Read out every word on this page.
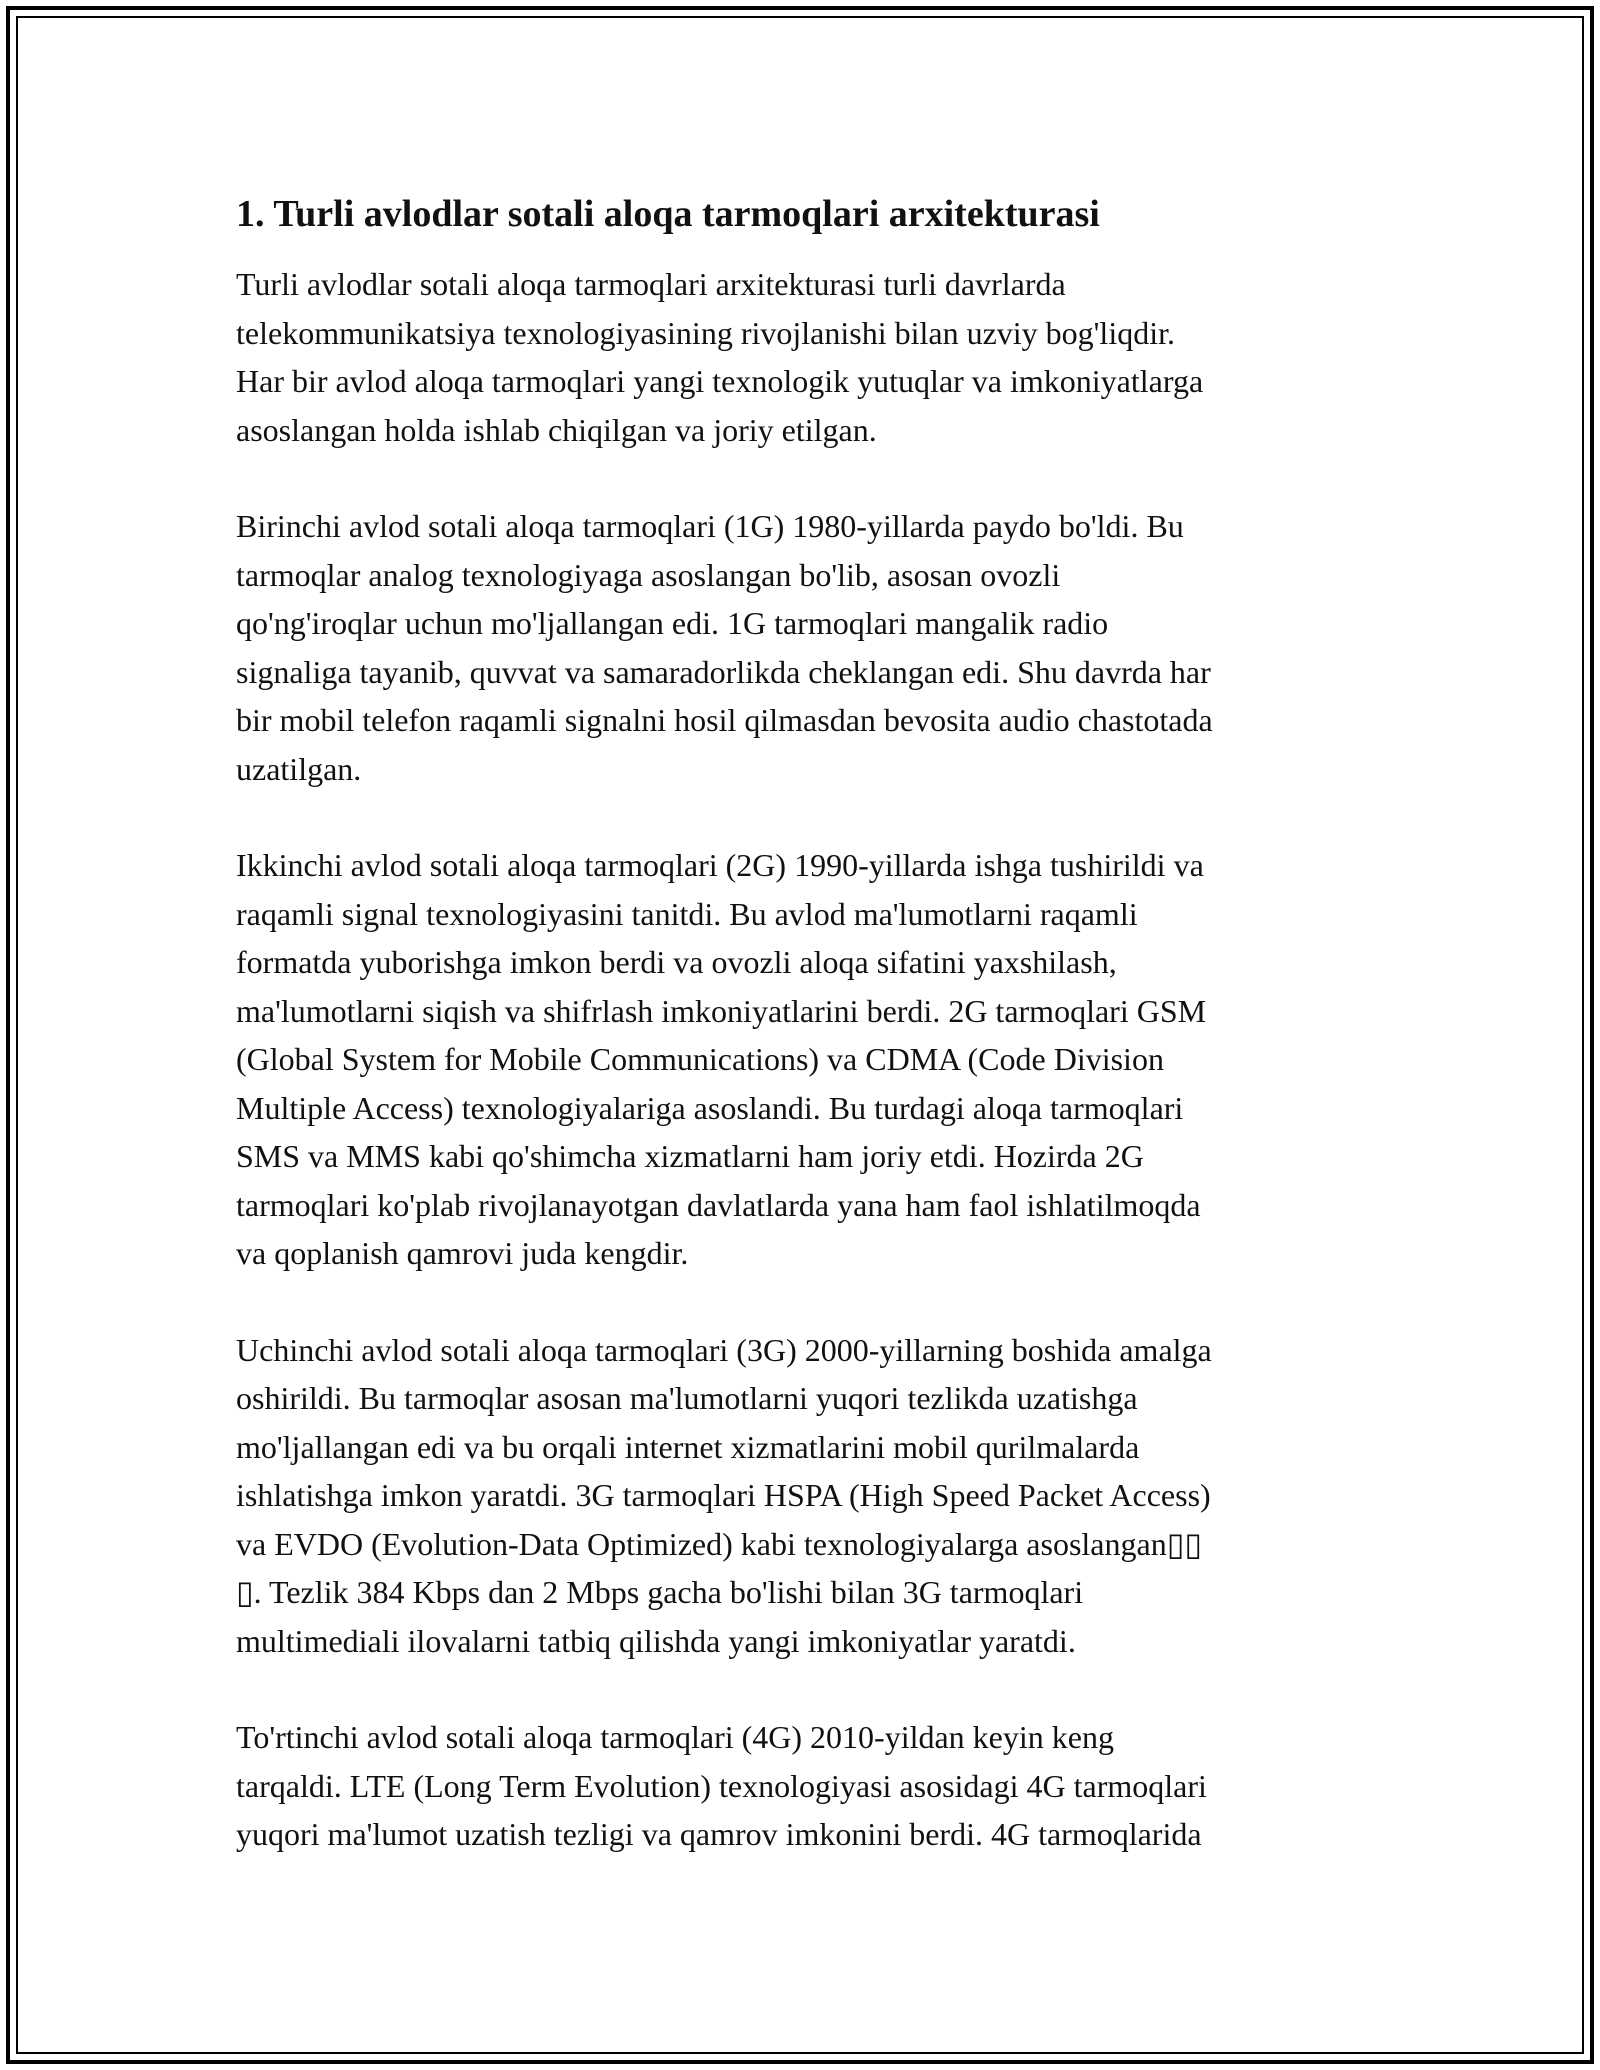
1. Turli avlodlar sotali aloqa tarmoqlari arxitekturasi
Turli avlodlar sotali aloqa tarmoqlari arxitekturasi turli davrlarda
telekommunikatsiya texnologiyasining rivojlanishi bilan uzviy bog'liqdir.
Har bir avlod aloqa tarmoqlari yangi texnologik yutuqlar va imkoniyatlarga
asoslangan holda ishlab chiqilgan va joriy etilgan.
Birinchi avlod sotali aloqa tarmoqlari (1G) 1980-yillarda paydo bo'ldi. Bu
tarmoqlar analog texnologiyaga asoslangan bo'lib, asosan ovozli
qo'ng'iroqlar uchun mo'ljallangan edi. 1G tarmoqlari mangalik radio
signaliga tayanib, quvvat va samaradorlikda cheklangan edi. Shu davrda har
bir mobil telefon raqamli signalni hosil qilmasdan bevosita audio chastotada
uzatilgan.
Ikkinchi avlod sotali aloqa tarmoqlari (2G) 1990-yillarda ishga tushirildi va
raqamli signal texnologiyasini tanitdi. Bu avlod ma'lumotlarni raqamli
formatda yuborishga imkon berdi va ovozli aloqa sifatini yaxshilash,
ma'lumotlarni siqish va shifrlash imkoniyatlarini berdi. 2G tarmoqlari GSM
(Global System for Mobile Communications) va CDMA (Code Division
Multiple Access) texnologiyalariga asoslandi. Bu turdagi aloqa tarmoqlari
SMS va MMS kabi qo'shimcha xizmatlarni ham joriy etdi. Hozirda 2G
tarmoqlari ko'plab rivojlanayotgan davlatlarda yana ham faol ishlatilmoqda
va qoplanish qamrovi juda kengdir.
Uchinchi avlod sotali aloqa tarmoqlari (3G) 2000-yillarning boshida amalga
oshirildi. Bu tarmoqlar asosan ma'lumotlarni yuqori tezlikda uzatishga
mo'ljallangan edi va bu orqali internet xizmatlarini mobil qurilmalarda
ishlatishga imkon yaratdi. 3G tarmoqlari HSPA (High Speed Packet Access)
va EVDO (Evolution-Data Optimized) kabi texnologiyalarga asoslangan▯▯
▯. Tezlik 384 Kbps dan 2 Mbps gacha bo'lishi bilan 3G tarmoqlari
multimediali ilovalarni tatbiq qilishda yangi imkoniyatlar yaratdi.
To'rtinchi avlod sotali aloqa tarmoqlari (4G) 2010-yildan keyin keng
tarqaldi. LTE (Long Term Evolution) texnologiyasi asosidagi 4G tarmoqlari
yuqori ma'lumot uzatish tezligi va qamrov imkonini berdi. 4G tarmoqlarida
